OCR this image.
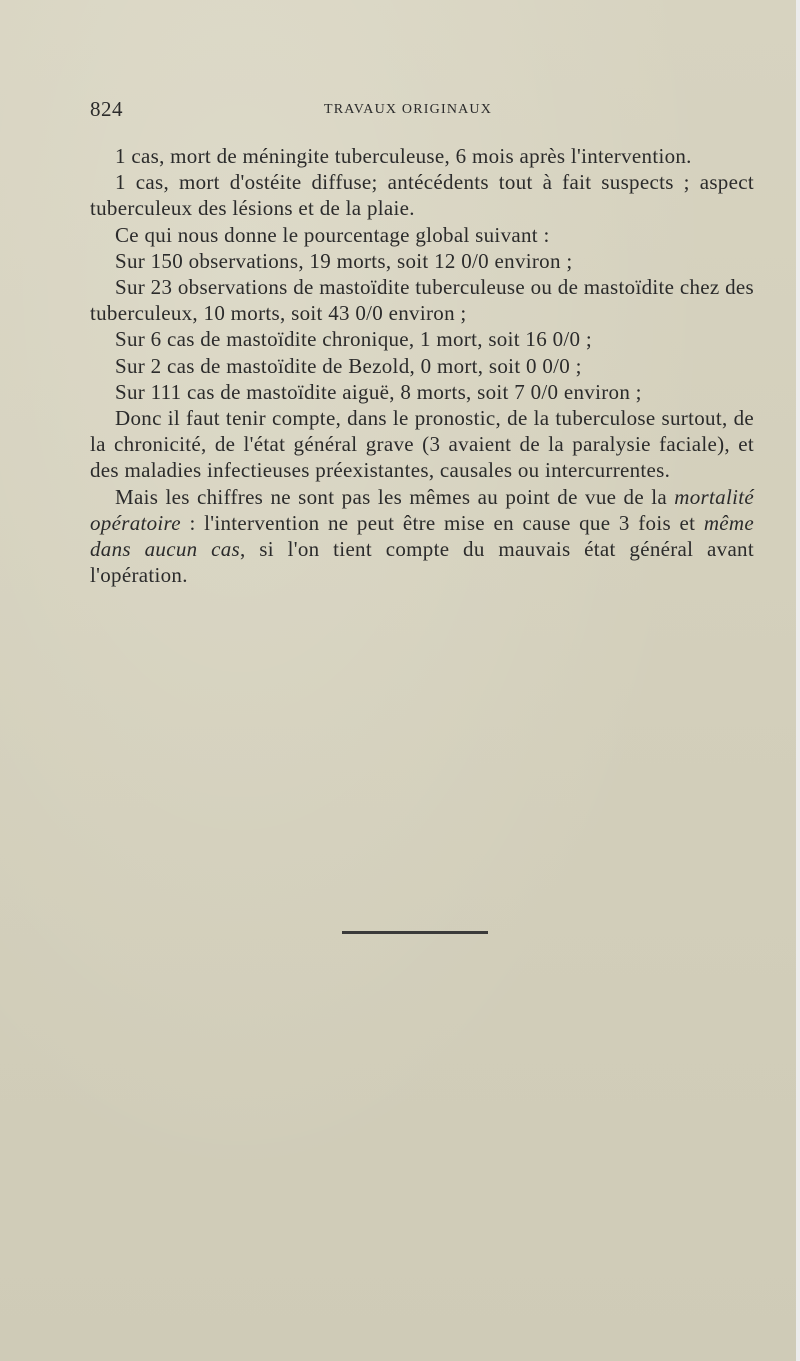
824	TRAVAUX ORIGINAUX

1 cas, mort de méningite tuberculeuse, 6 mois après l'intervention.

1 cas, mort d'ostéite diffuse; antécédents tout à fait suspects ; aspect tuberculeux des lésions et de la plaie.

Ce qui nous donne le pourcentage global suivant :

Sur 150 observations, 19 morts, soit 12 0/0 environ ;

Sur 23 observations de mastoïdite tuberculeuse ou de mastoïdite chez des tuberculeux, 10 morts, soit 43 0/0 environ ;

Sur 6 cas de mastoïdite chronique, 1 mort, soit 16 0/0 ;

Sur 2 cas de mastoïdite de Bezold, 0 mort, soit 0 0/0 ;

Sur 111 cas de mastoïdite aiguë, 8 morts, soit 7 0/0 environ ;

Donc il faut tenir compte, dans le pronostic, de la tuberculose surtout, de la chronicité, de l'état général grave (3 avaient de la paralysie faciale), et des maladies infectieuses préexistantes, causales ou intercurrentes.

Mais les chiffres ne sont pas les mêmes au point de vue de la mortalité opératoire : l'intervention ne peut être mise en cause que 3 fois et même dans aucun cas, si l'on tient compte du mauvais état général avant l'opération.
